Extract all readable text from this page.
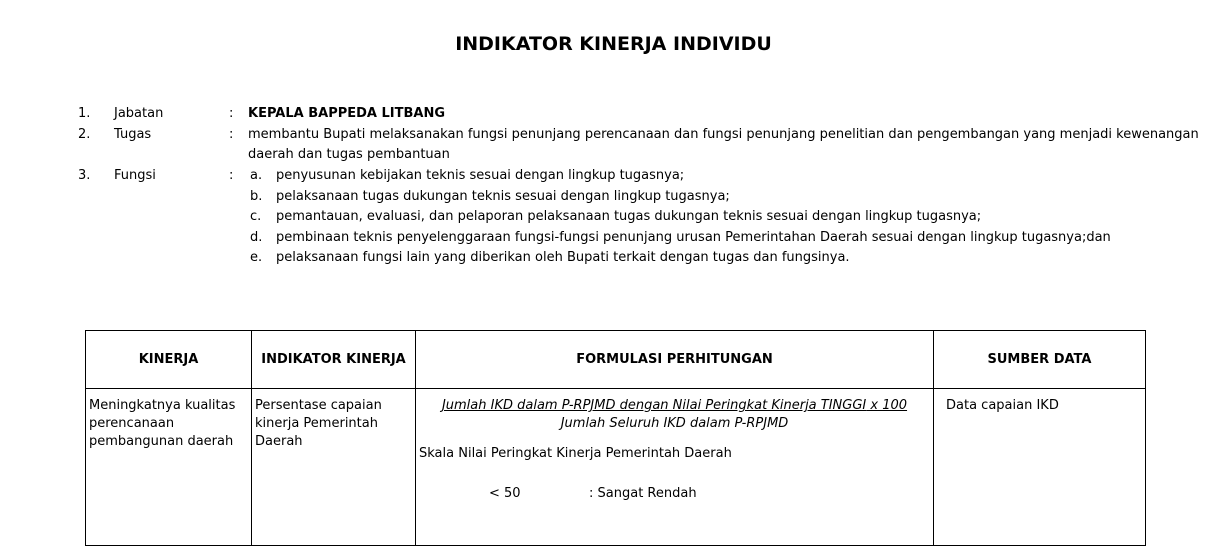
INDIKATOR KINERJA INDIVIDU
1. Jabatan	: KEPALA BAPPEDA LITBANG
2. Tugas	: membantu Bupati melaksanakan fungsi penunjang perencanaan dan fungsi penunjang penelitian dan pengembangan yang menjadi kewenangan
daerah dan tugas pembantuan
3. Fungsi	: a. penyusunan kebijakan teknis sesuai dengan lingkup tugasnya;
b. pelaksanaan tugas dukungan teknis sesuai dengan lingkup tugasnya;
c. pemantauan, evaluasi, dan pelaporan pelaksanaan tugas dukungan teknis sesuai dengan lingkup tugasnya;
d. pembinaan teknis penyelenggaraan fungsi-fungsi penunjang urusan Pemerintahan Daerah sesuai dengan lingkup tugasnya;dan
e. pelaksanaan fungsi lain yang diberikan oleh Bupati terkait dengan tugas dan fungsinya.
KINERJA	INDIKATOR KINERJA	FORMULASI PERHITUNGAN	SUMBER DATA
Meningkatnya kualitas perencanaan pembangunan daerah	Persentase capaian kinerja Pemerintah Daerah	Jumlah IKD dalam P-RPJMD dengan Nilai Peringkat Kinerja TINGGI x 100
Jumlah Seluruh IKD dalam P-RPJMD
Skala Nilai Peringkat Kinerja Pemerintah Daerah
< 50 : Sangat Rendah	Data capaian IKD
